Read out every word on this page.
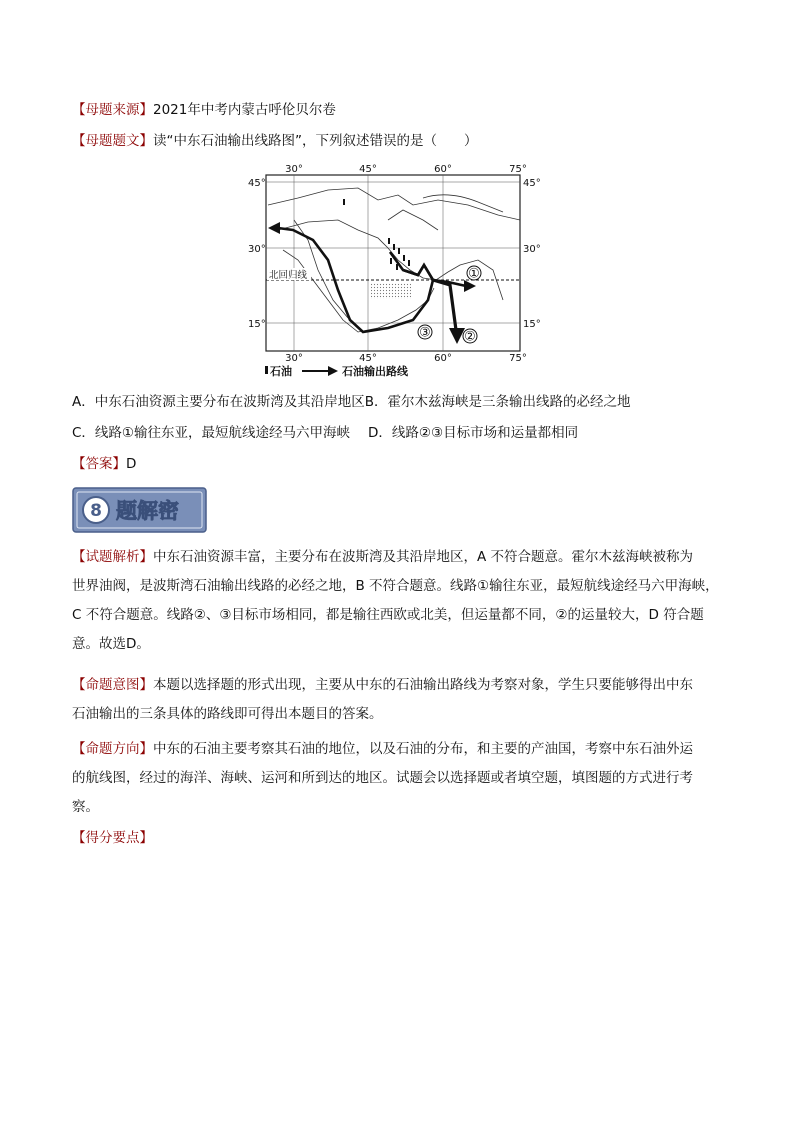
【母题来源】2021年中考内蒙古呼伦贝尔卷
【母题题文】读“中东石油输出线路图”，下列叙述错误的是（　　）
①
②
③
北回归线
30°	45°	60°	75°
30°	45°	60°	75°
45°
30°
15°
45°
30°
15°
石油	石油输出路线
A．中东石油资源主要分布在波斯湾及其沿岸地区B．霍尔木兹海峡是三条输出线路的必经之地
C．线路①输往东亚，最短航线途经马六甲海峡 D．线路②③目标市场和运量都相同
【答案】D
8 题解密
【试题解析】中东石油资源丰富，主要分布在波斯湾及其沿岸地区，A 不符合题意。霍尔木兹海峡被称为
世界油阀，是波斯湾石油输出线路的必经之地，B 不符合题意。线路①输往东亚，最短航线途经马六甲海峡，
C 不符合题意。线路②、③目标市场相同，都是输往西欧或北美，但运量都不同，②的运量较大，D 符合题
意。故选D。
【命题意图】本题以选择题的形式出现，主要从中东的石油输出路线为考察对象，学生只要能够得出中东
石油输出的三条具体的路线即可得出本题目的答案。
【命题方向】中东的石油主要考察其石油的地位，以及石油的分布，和主要的产油国，考察中东石油外运
的航线图，经过的海洋、海峡、运河和所到达的地区。试题会以选择题或者填空题，填图题的方式进行考
察。
【得分要点】
